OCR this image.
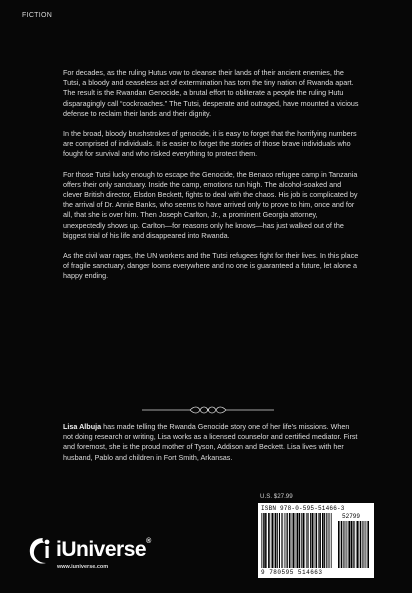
FICTION

For decades, as the ruling Hutus vow to cleanse their lands of their ancient enemies, the Tutsi, a bloody and ceaseless act of extermination has torn the tiny nation of Rwanda apart. The result is the Rwandan Genocide, a brutal effort to obliterate a people the ruling Hutu disparagingly call “cockroaches.” The Tutsi, desperate and outraged, have mounted a vicious defense to reclaim their lands and their dignity.

In the broad, bloody brushstrokes of genocide, it is easy to forget that the horrifying numbers are comprised of individuals. It is easier to forget the stories of those brave individuals who fought for survival and who risked everything to protect them.

For those Tutsi lucky enough to escape the Genocide, the Benaco refugee camp in Tanzania offers their only sanctuary. Inside the camp, emotions run high. The alcohol-soaked and clever British director, Elsdon Beckett, fights to deal with the chaos. His job is complicated by the arrival of Dr. Annie Banks, who seems to have arrived only to prove to him, once and for all, that she is over him. Then Joseph Carlton, Jr., a prominent Georgia attorney, unexpectedly shows up. Carlton—for reasons only he knows—has just walked out of the biggest trial of his life and disappeared into Rwanda.

As the civil war rages, the UN workers and the Tutsi refugees fight for their lives. In this place of fragile sanctuary, danger looms everywhere and no one is guaranteed a future, let alone a happy ending.

Lisa Albuja has made telling the Rwanda Genocide story one of her life's missions. When not doing research or writing, Lisa works as a licensed counselor and certified mediator. First and foremost, she is the proud mother of Tyson, Addison and Beckett. Lisa lives with her husband, Pablo and children in Fort Smith, Arkansas.

U.S. $27.99
ISBN 978-0-595-51466-3
52799
9 780595 514663
iUniverse®
www.iuniverse.com
